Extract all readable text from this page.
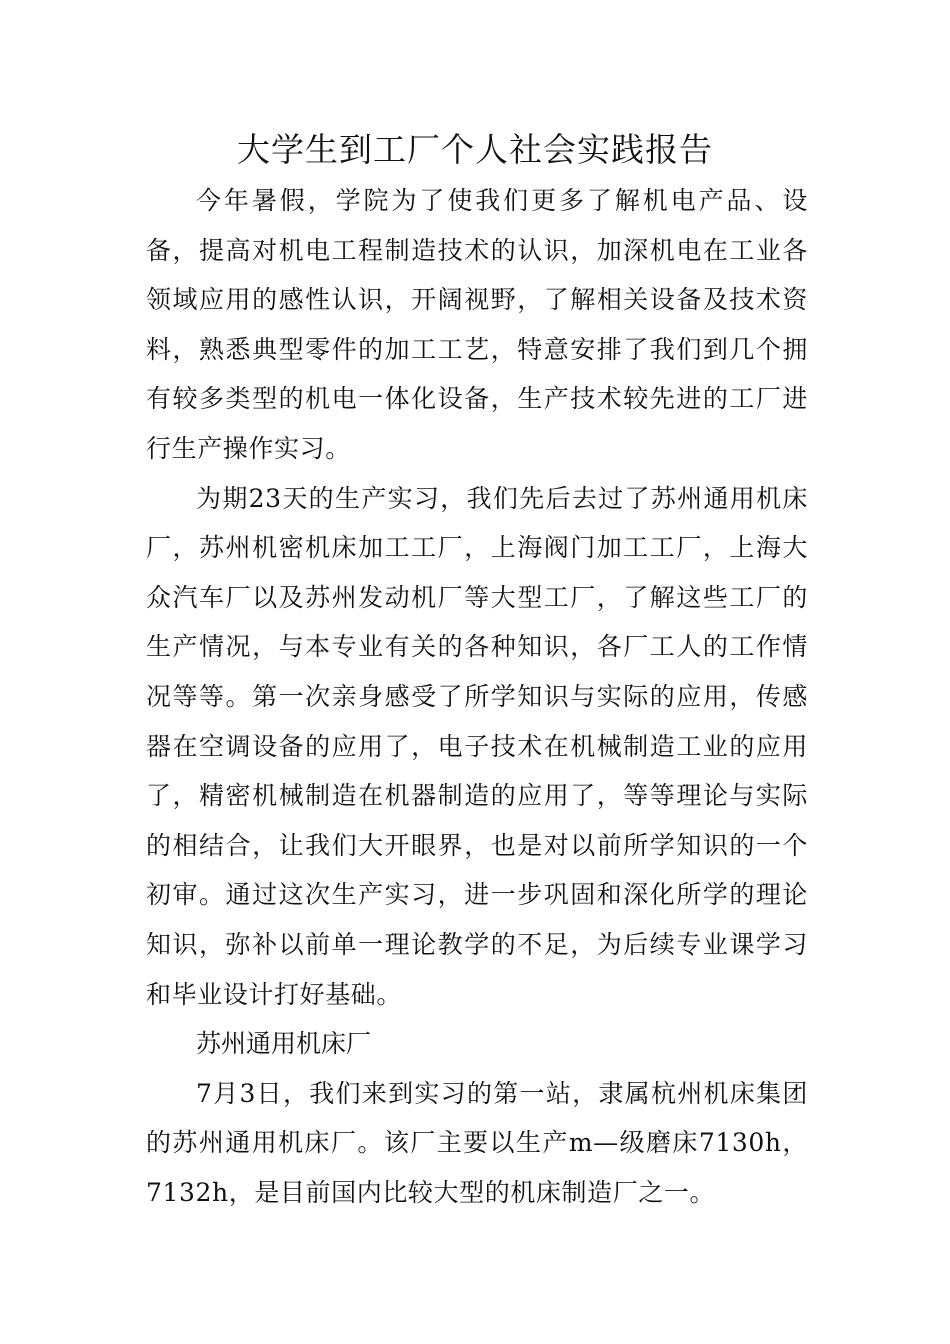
大学生到工厂个人社会实践报告

今年暑假，学院为了使我们更多了解机电产品、设备，提高对机电工程制造技术的认识，加深机电在工业各领域应用的感性认识，开阔视野，了解相关设备及技术资料，熟悉典型零件的加工工艺，特意安排了我们到几个拥有较多类型的机电一体化设备，生产技术较先进的工厂进行生产操作实习。

为期23天的生产实习，我们先后去过了苏州通用机床厂，苏州机密机床加工工厂，上海阀门加工工厂，上海大众汽车厂以及苏州发动机厂等大型工厂，了解这些工厂的生产情况，与本专业有关的各种知识，各厂工人的工作情况等等。第一次亲身感受了所学知识与实际的应用，传感器在空调设备的应用了，电子技术在机械制造工业的应用了，精密机械制造在机器制造的应用了，等等理论与实际的相结合，让我们大开眼界，也是对以前所学知识的一个初审。通过这次生产实习，进一步巩固和深化所学的理论知识，弥补以前单一理论教学的不足，为后续专业课学习和毕业设计打好基础。

苏州通用机床厂

7月3日，我们来到实习的第一站，隶属杭州机床集团的苏州通用机床厂。该厂主要以生产m—级磨床7130h，7132h，是目前国内比较大型的机床制造厂之一。
